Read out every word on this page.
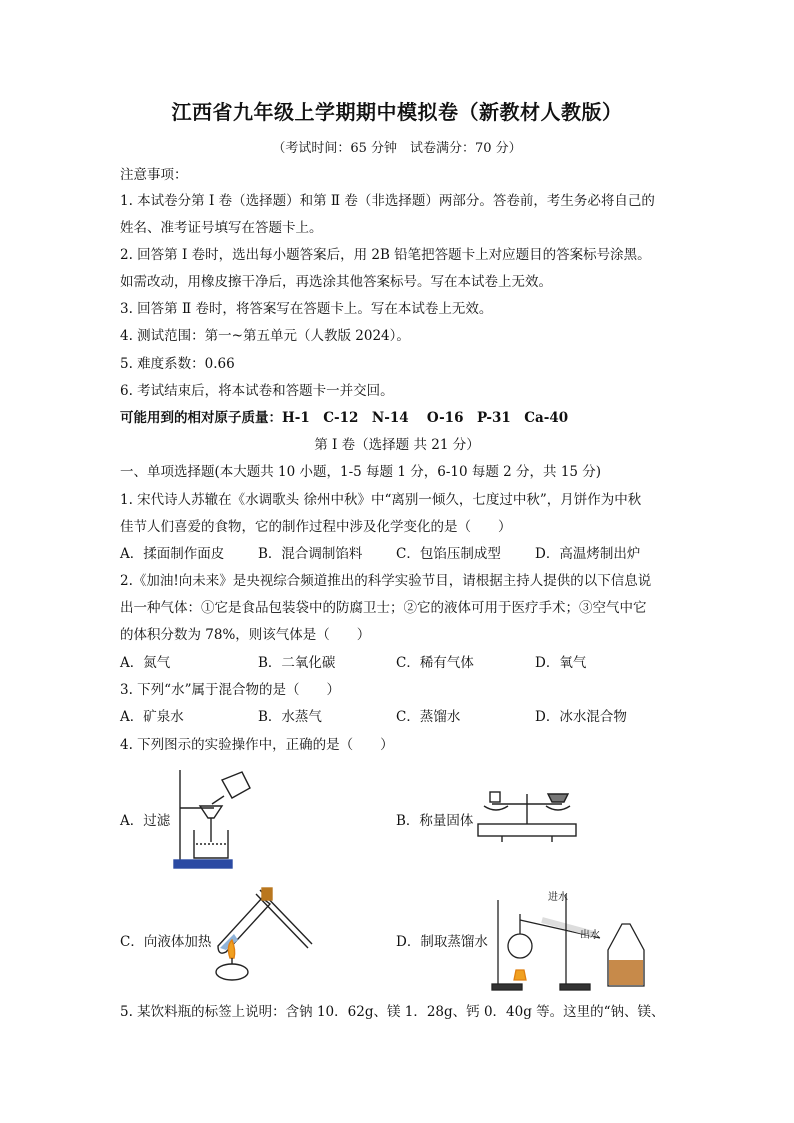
江西省九年级上学期期中模拟卷（新教材人教版）
（考试时间：65 分钟　试卷满分：70 分）
注意事项：
1. 本试卷分第 I 卷（选择题）和第 Ⅱ 卷（非选择题）两部分。答卷前，考生务必将自己的
姓名、准考证号填写在答题卡上。
2. 回答第 I 卷时，选出每小题答案后，用 2B 铅笔把答题卡上对应题目的答案标号涂黑。
如需改动，用橡皮擦干净后，再选涂其他答案标号。写在本试卷上无效。
3. 回答第 Ⅱ 卷时，将答案写在答题卡上。写在本试卷上无效。
4. 测试范围：第一~第五单元（人教版 2024）。
5. 难度系数：0.66
6. 考试结束后，将本试卷和答题卡一并交回。
可能用到的相对原子质量：H-1　C-12　N-14　 O-16　P-31　Ca-40
第 I 卷（选择题 共 21 分）
一、单项选择题(本大题共 10 小题，1-5 每题 1 分，6-10 每题 2 分，共 15 分)
1. 宋代诗人苏辙在《水调歌头 徐州中秋》中“离别一倾久，七度过中秋”，月饼作为中秋
佳节人们喜爱的食物，它的制作过程中涉及化学变化的是（　　）
A．揉面制作面皮	B．混合调制馅料 C．包馅压制成型	D．高温烤制出炉
2.《加油!向未来》是央视综合频道推出的科学实验节目，请根据主持人提供的以下信息说
出一种气体：①它是食品包装袋中的防腐卫士；②它的液体可用于医疗手术；③空气中它
的体积分数为 78%，则该气体是（　　）
A．氮气	B．二氧化碳	C．稀有气体	D．氧气
3. 下列“水”属于混合物的是（　　）
A．矿泉水	B．水蒸气	C．蒸馏水	D．冰水混合物
4. 下列图示的实验操作中，正确的是（　　）
A．过滤	B．称量固体
C．向液体加热	D．制取蒸馏水
进水
出水
5. 某饮料瓶的标签上说明：含钠 10．62g、镁 1．28g、钙 0．40g 等。这里的“钠、镁、
